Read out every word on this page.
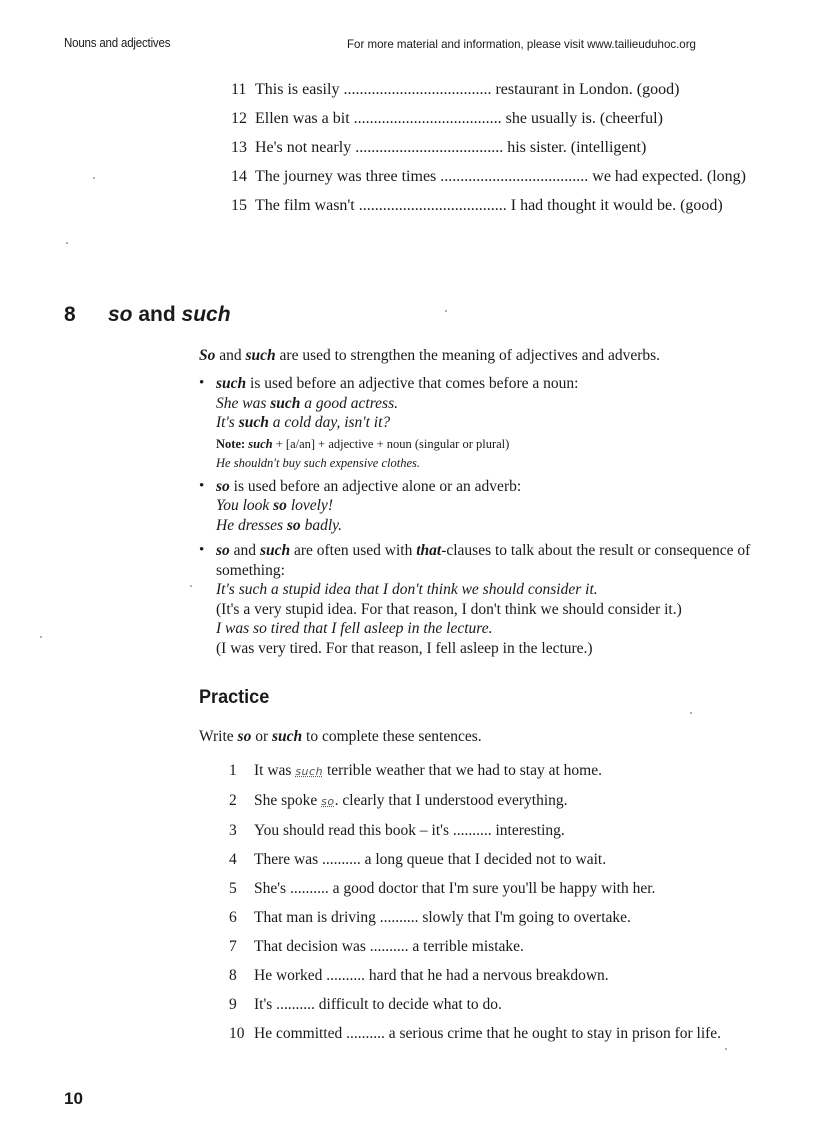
Nouns and adjectives	For more material and information, please visit www.tailieuduhoc.org
11 This is easily ..................................... restaurant in London. (good)
12 Ellen was a bit ..................................... she usually is. (cheerful)
13 He's not nearly ..................................... his sister. (intelligent)
14 The journey was three times ..................................... we had expected. (long)
15 The film wasn't ..................................... I had thought it would be. (good)
8 so and such
So and such are used to strengthen the meaning of adjectives and adverbs.
• such is used before an adjective that comes before a noun:
She was such a good actress.
It's such a cold day, isn't it?
Note: such + [a/an] + adjective + noun (singular or plural)
He shouldn't buy such expensive clothes.
• so is used before an adjective alone or an adverb:
You look so lovely!
He dresses so badly.
• so and such are often used with that-clauses to talk about the result or consequence of something:
It's such a stupid idea that I don't think we should consider it.
(It's a very stupid idea. For that reason, I don't think we should consider it.)
I was so tired that I fell asleep in the lecture.
(I was very tired. For that reason, I fell asleep in the lecture.)
Practice
Write so or such to complete these sentences.
1	It was such terrible weather that we had to stay at home.
2	She spoke so. clearly that I understood everything.
3	You should read this book – it's .......... interesting.
4	There was .......... a long queue that I decided not to wait.
5	She's .......... a good doctor that I'm sure you'll be happy with her.
6	That man is driving .......... slowly that I'm going to overtake.
7	That decision was .......... a terrible mistake.
8	He worked .......... hard that he had a nervous breakdown.
9	It's .......... difficult to decide what to do.
10 He committed .......... a serious crime that he ought to stay in prison for life.
10
